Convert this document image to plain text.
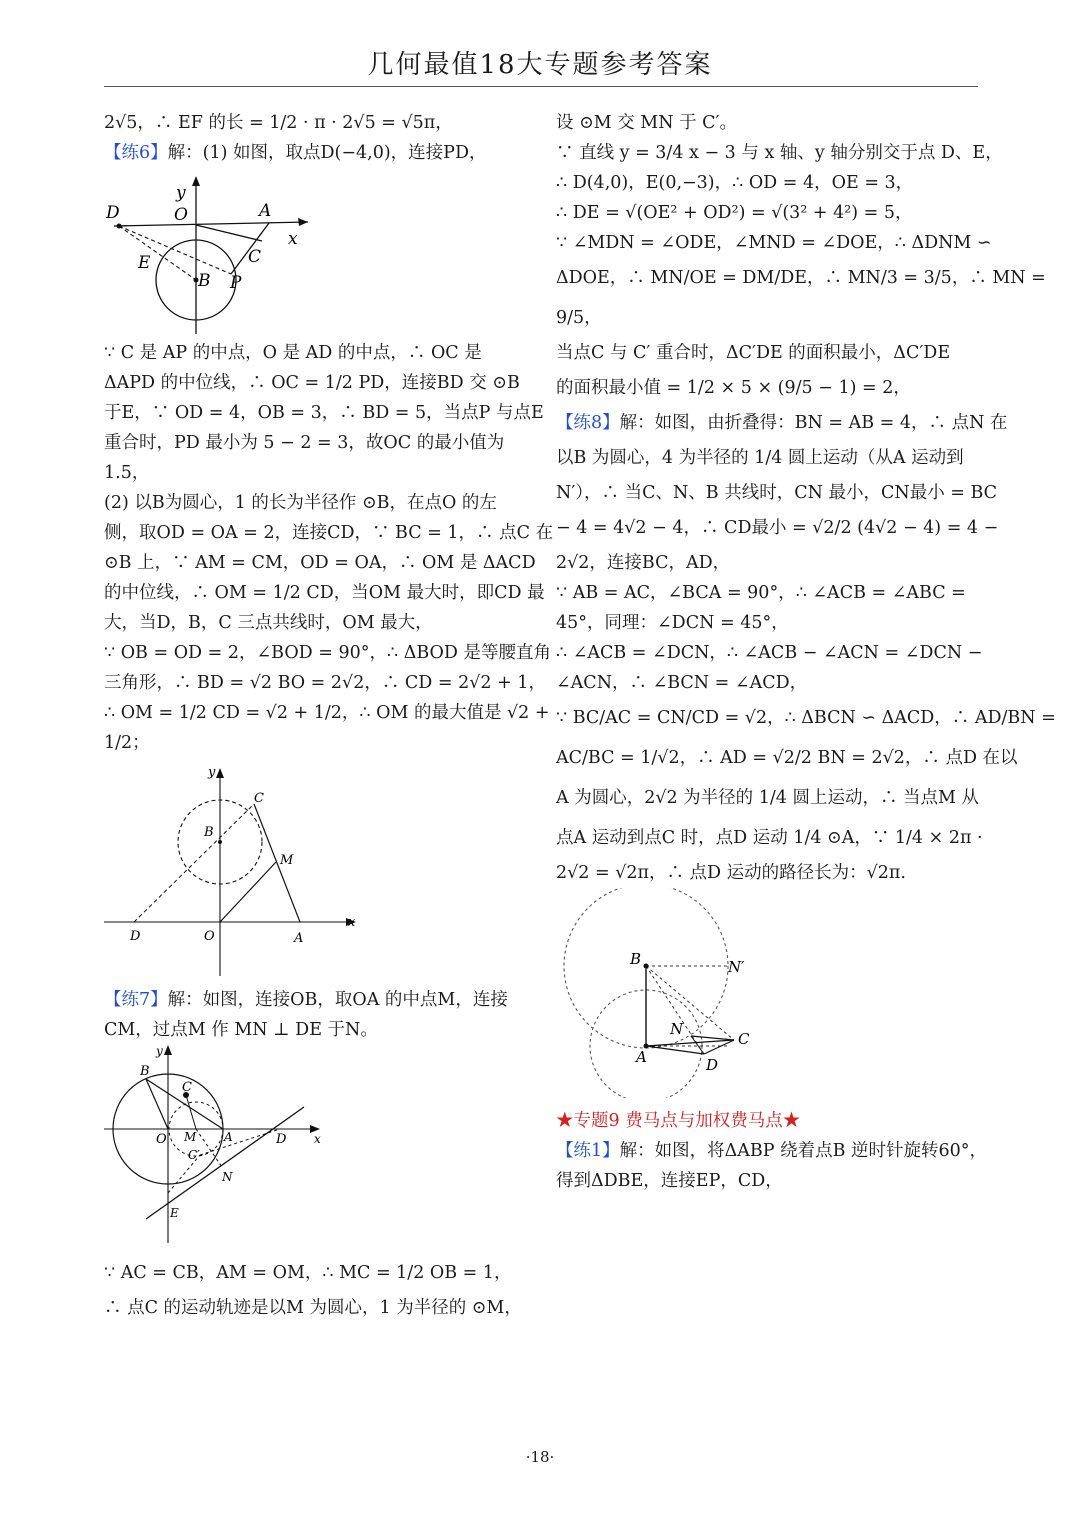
几何最值18大专题参考答案
2√5，∴ EF 的长 = 1/2 · π · 2√5 = √5π，
【练6】解：(1) 如图，取点D(−4,0)，连接PD，
D
y
O	A
x
E	C
B P
∵ C 是 AP 的中点，O 是 AD 的中点，∴ OC 是
ΔAPD 的中位线，∴ OC = 1/2 PD，连接BD 交 ⊙B
于E，∵ OD = 4，OB = 3，∴ BD = 5，当点P 与点E
重合时，PD 最小为 5 − 2 = 3，故OC 的最小值为
1.5，
(2) 以B为圆心，1 的长为半径作 ⊙B，在点O 的左
侧，取OD = OA = 2，连接CD，∵ BC = 1，∴ 点C 在
⊙B 上，∵ AM = CM，OD = OA，∴ OM 是 ΔACD
的中位线，∴ OM = 1/2 CD，当OM 最大时，即CD 最
大，当D，B，C 三点共线时，OM 最大，
∵ OB = OD = 2，∠BOD = 90°，∴ ΔBOD 是等腰直角
三角形，∴ BD = √2 BO = 2√2，∴ CD = 2√2 + 1，
∴ OM = 1/2 CD = √2 + 1/2，∴ OM 的最大值是 √2 +
1/2；
y
C
B
M
D	O	A
x
【练7】解：如图，连接OB，取OA 的中点M，连接
CM，过点M 作 MN ⊥ DE 于N。
y
B
C
O M A
C′
D x
N
E
∵ AC = CB，AM = OM，∴ MC = 1/2 OB = 1，
∴ 点C 的运动轨迹是以M 为圆心，1 为半径的 ⊙M，
设 ⊙M 交 MN 于 C′。
∵ 直线 y = 3/4 x − 3 与 x 轴、y 轴分别交于点 D、E，
∴ D(4,0)，E(0,−3)，∴ OD = 4，OE = 3，
∴ DE = √(OE² + OD²) = √(3² + 4²) = 5，
∵ ∠MDN = ∠ODE，∠MND = ∠DOE，∴ ΔDNM ∽
ΔDOE，∴ MN/OE = DM/DE，∴ MN/3 = 3/5，∴ MN =
9/5，
当点C 与 C′ 重合时，ΔC′DE 的面积最小，ΔC′DE
的面积最小值 = 1/2 × 5 × (9/5 − 1) = 2，
【练8】解：如图，由折叠得：BN = AB = 4，∴ 点N 在
以B 为圆心，4 为半径的 1/4 圆上运动（从A 运动到
N′），∴ 当C、N、B 共线时，CN 最小，CN最小 = BC
− 4 = 4√2 − 4，∴ CD最小 = √2/2 (4√2 − 4) = 4 −
2√2，连接BC，AD，
∵ AB = AC，∠BCA = 90°，∴ ∠ACB = ∠ABC =
45°，同理：∠DCN = 45°，
∴ ∠ACB = ∠DCN，∴ ∠ACB − ∠ACN = ∠DCN −
∠ACN，∴ ∠BCN = ∠ACD，
∵ BC/AC = CN/CD = √2，∴ ΔBCN ∽ ΔACD，∴ AD/BN =
AC/BC = 1/√2，∴ AD = √2/2 BN = 2√2，∴ 点D 在以
A 为圆心，2√2 为半径的 1/4 圆上运动，∴ 当点M 从
点A 运动到点C 时，点D 运动 1/4 ⊙A，∵ 1/4 × 2π ·
2√2 = √2π，∴ 点D 运动的路径长为：√2π.
B	N′
N
C
A	D
★专题9 费马点与加权费马点★
【练1】解：如图，将ΔABP 绕着点B 逆时针旋转60°，
得到ΔDBE，连接EP，CD，
·18·
